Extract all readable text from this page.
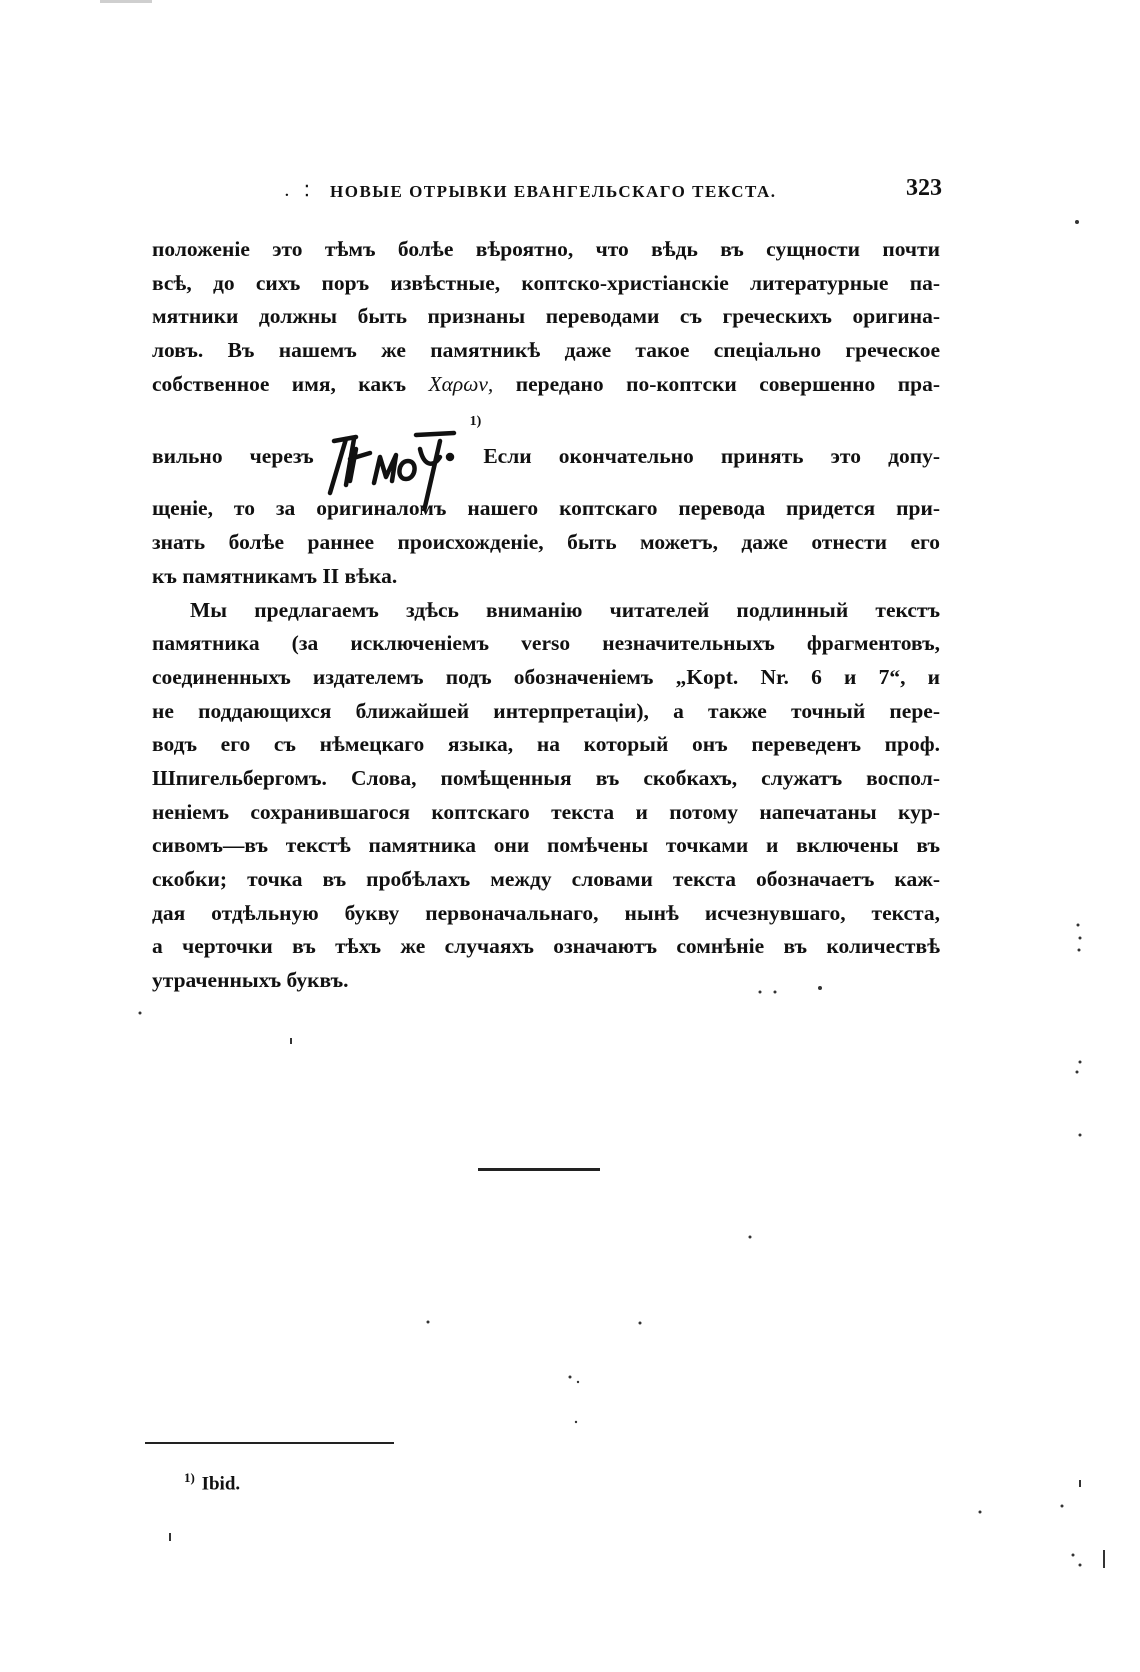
. ⁚ НОВЫЕ ОТРЫВКИ ЕВАНГЕЛЬСКАГО ТЕКСТА.	323
положеніе это тѣмъ болѣе вѣроятно, что вѣдь въ сущности почти
всѣ, до сихъ поръ извѣстные, коптско-христіанскіе литературные па-
мятники должны быть признаны переводами съ греческихъ оригина-
ловъ. Въ нашемъ же памятникѣ даже такое спеціально греческое
собственное имя, какъ Χαρων, передано по-коптски совершенно пра-
вильно черезъ
$^{1)}$Если окончательно принять это допу-
щеніе, то за оригиналомъ нашего коптскаго перевода придется при-
знать болѣе раннее происхожденіе, быть можетъ, даже отнести его
къ памятникамъ II вѣка.
Мы предлагаемъ здѣсь вниманію читателей подлинный текстъ
памятника (за исключеніемъ verso незначительныхъ фрагментовъ,
соединенныхъ издателемъ подъ обозначеніемъ „Kopt. Nr. 6 и 7“, и
не поддающихся ближайшей интерпретаціи), а также точный пере-
водъ его съ нѣмецкаго языка, на который онъ переведенъ проф.
Шпигельбергомъ. Слова, помѣщенныя въ скобкахъ, служатъ воспол-
неніемъ сохранившагося коптскаго текста и потому напечатаны кур-
сивомъ—въ текстѣ памятника они помѣчены точками и включены въ
скобки; точка въ пробѣлахъ между словами текста обозначаетъ каж-
дая отдѣльную букву первоначальнаго, нынѣ исчезнувшаго, текста,
а черточки въ тѣхъ же случаяхъ означаютъ сомнѣніе въ количествѣ
утраченныхъ буквъ.
$^{1)}$ Ibid.
